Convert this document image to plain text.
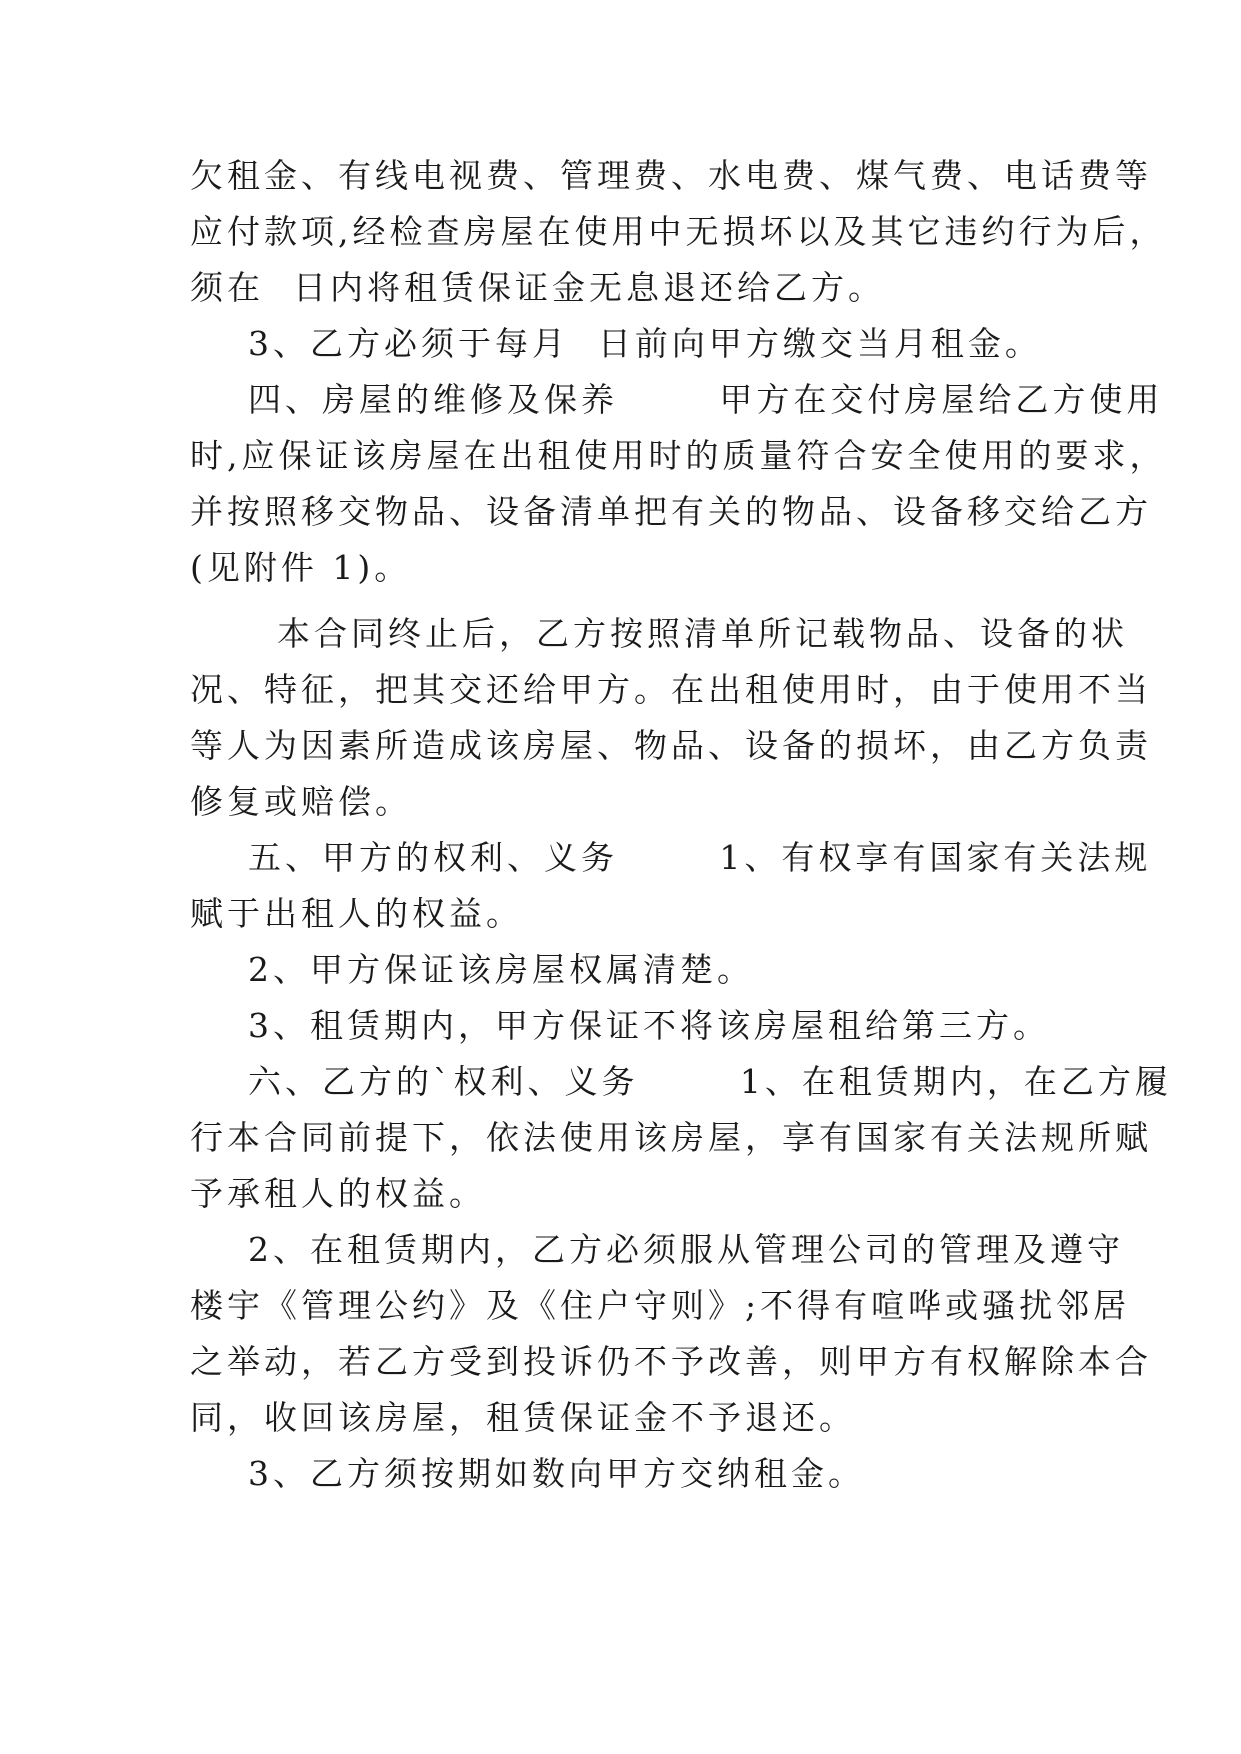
欠租金、有线电视费、管理费、水电费、煤气费、电话费等
应付款项,经检查房屋在使用中无损坏以及其它违约行为后，
须在  日内将租赁保证金无息退还给乙方。
3、乙方必须于每月  日前向甲方缴交当月租金。
四、房屋的维修及保养       甲方在交付房屋给乙方使用
时,应保证该房屋在出租使用时的质量符合安全使用的要求，
并按照移交物品、设备清单把有关的物品、设备移交给乙方
(见附件 1)。
本合同终止后，乙方按照清单所记载物品、设备的状
况、特征，把其交还给甲方。在出租使用时，由于使用不当
等人为因素所造成该房屋、物品、设备的损坏，由乙方负责
修复或赔偿。
五、甲方的权利、义务       1、有权享有国家有关法规
赋于出租人的权益。
2、甲方保证该房屋权属清楚。
3、租赁期内，甲方保证不将该房屋租给第三方。
六、乙方的`权利、义务       1、在租赁期内，在乙方履
行本合同前提下，依法使用该房屋，享有国家有关法规所赋
予承租人的权益。
2、在租赁期内，乙方必须服从管理公司的管理及遵守
楼宇《管理公约》及《住户守则》;不得有喧哗或骚扰邻居
之举动，若乙方受到投诉仍不予改善，则甲方有权解除本合
同，收回该房屋，租赁保证金不予退还。
3、乙方须按期如数向甲方交纳租金。
